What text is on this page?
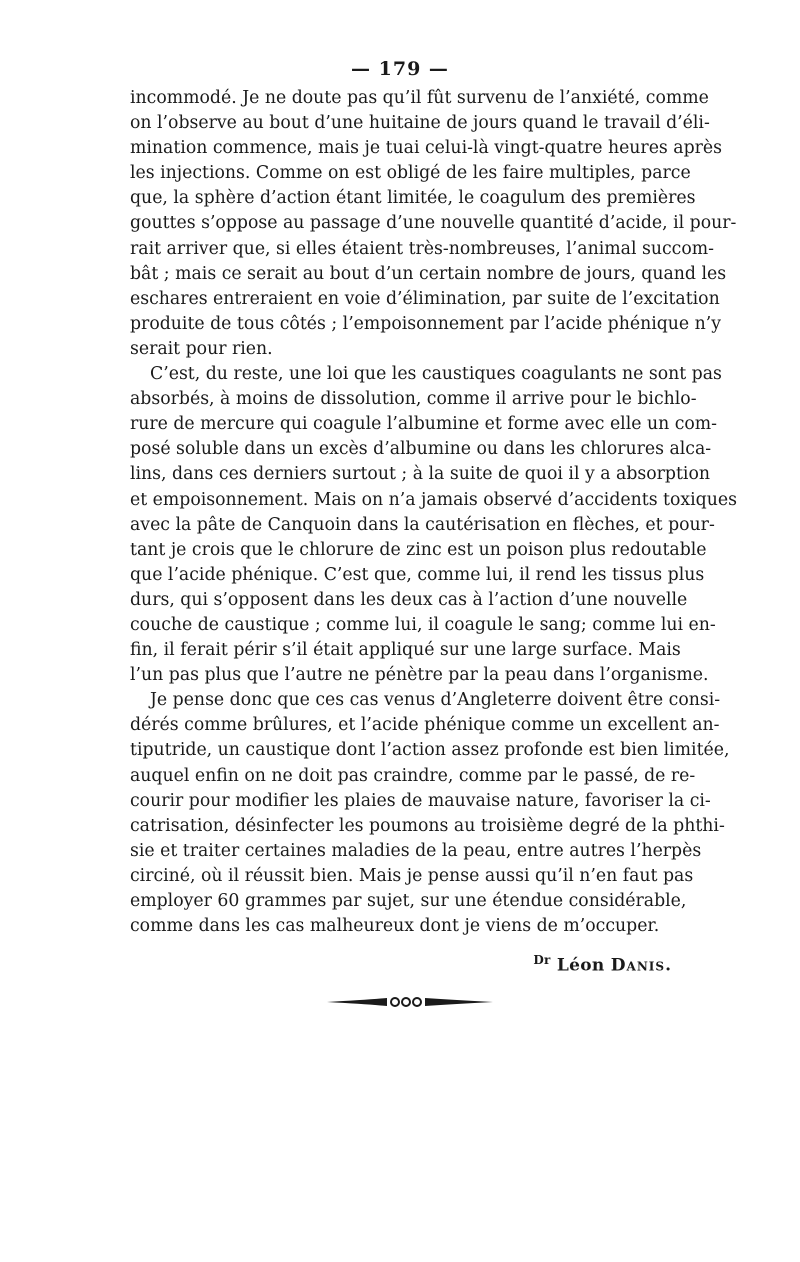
— 179 —
incommodé. Je ne doute pas qu’il fût survenu de l’anxiété, comme
on l’observe au bout d’une huitaine de jours quand le travail d’éli-
mination commence, mais je tuai celui-là vingt-quatre heures après
les injections. Comme on est obligé de les faire multiples, parce
que, la sphère d’action étant limitée, le coagulum des premières
gouttes s’oppose au passage d’une nouvelle quantité d’acide, il pour-
rait arriver que, si elles étaient très-nombreuses, l’animal succom-
bât ; mais ce serait au bout d’un certain nombre de jours, quand les
eschares entreraient en voie d’élimination, par suite de l’excitation
produite de tous côtés ; l’empoisonnement par l’acide phénique n’y
serait pour rien.
C’est, du reste, une loi que les caustiques coagulants ne sont pas
absorbés, à moins de dissolution, comme il arrive pour le bichlo-
rure de mercure qui coagule l’albumine et forme avec elle un com-
posé soluble dans un excès d’albumine ou dans les chlorures alca-
lins, dans ces derniers surtout ; à la suite de quoi il y a absorption
et empoisonnement. Mais on n’a jamais observé d’accidents toxiques
avec la pâte de Canquoin dans la cautérisation en flèches, et pour-
tant je crois que le chlorure de zinc est un poison plus redoutable
que l’acide phénique. C’est que, comme lui, il rend les tissus plus
durs, qui s’opposent dans les deux cas à l’action d’une nouvelle
couche de caustique ; comme lui, il coagule le sang; comme lui en-
fin, il ferait périr s’il était appliqué sur une large surface. Mais
l’un pas plus que l’autre ne pénètre par la peau dans l’organisme.
Je pense donc que ces cas venus d’Angleterre doivent être consi-
dérés comme brûlures, et l’acide phénique comme un excellent an-
tiputride, un caustique dont l’action assez profonde est bien limitée,
auquel enfin on ne doit pas craindre, comme par le passé, de re-
courir pour modifier les plaies de mauvaise nature, favoriser la ci-
catrisation, désinfecter les poumons au troisième degré de la phthi-
sie et traiter certaines maladies de la peau, entre autres l’herpès
circiné, où il réussit bien. Mais je pense aussi qu’il n’en faut pas
employer 60 grammes par sujet, sur une étendue considérable,
comme dans les cas malheureux dont je viens de m’occuper.
$^{Dr}$ Léon Danis.
